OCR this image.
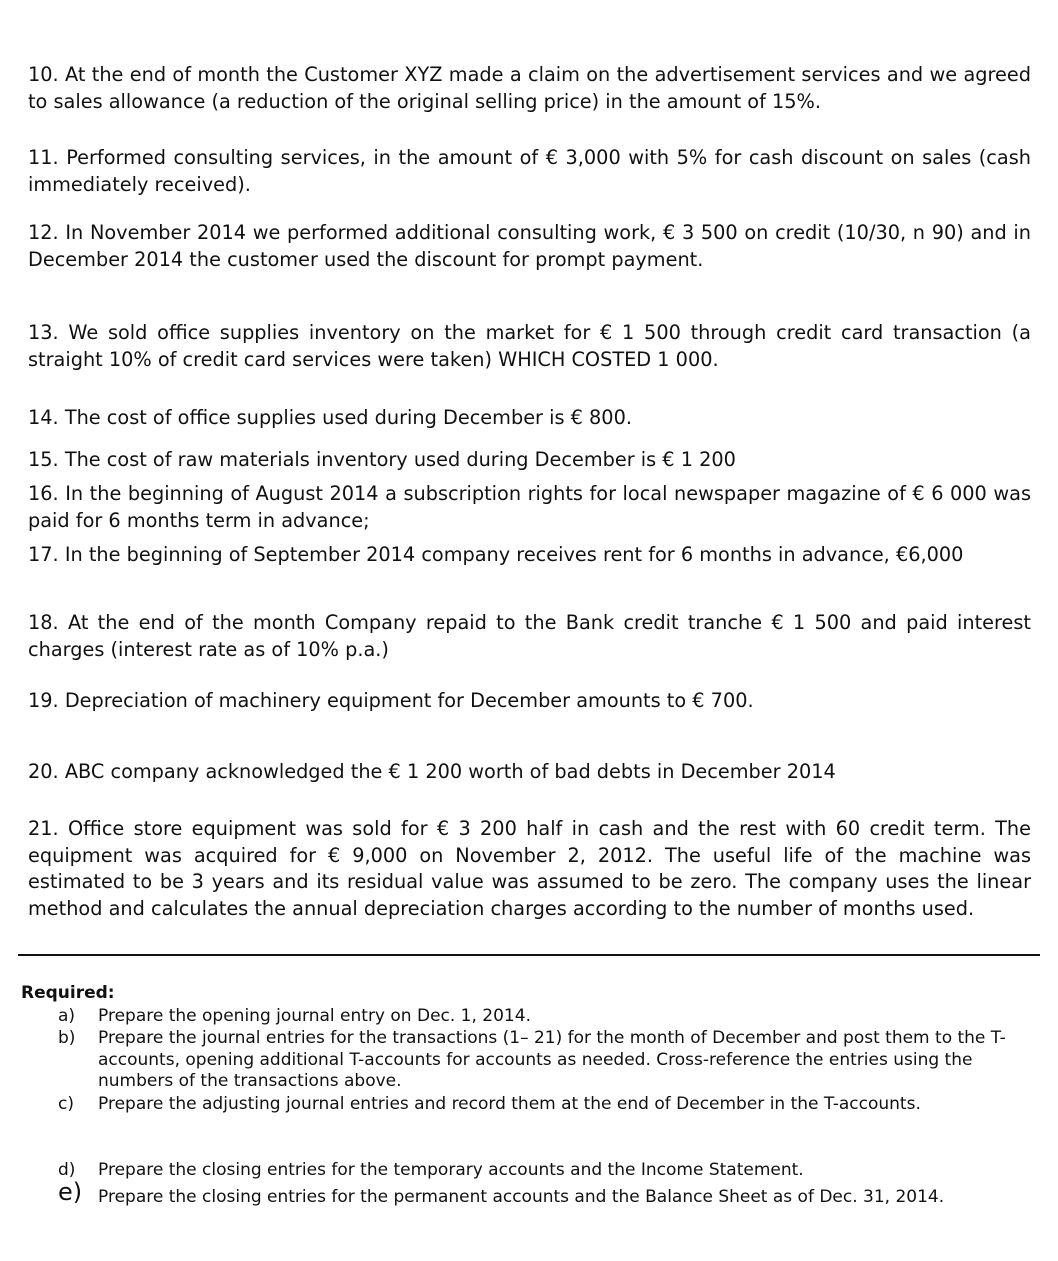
10. At the end of month the Customer XYZ made a claim on the advertisement services and we agreed to sales allowance (a reduction of the original selling price) in the amount of 15%.

11. Performed consulting services, in the amount of € 3,000 with 5% for cash discount on sales (cash immediately received).

12. In November 2014 we performed additional consulting work, € 3 500 on credit (10/30, n 90) and in December 2014 the customer used the discount for prompt payment.

13. We sold office supplies inventory on the market for € 1 500 through credit card transaction (a straight 10% of credit card services were taken) WHICH COSTED 1 000.

14. The cost of office supplies used during December is € 800.

15. The cost of raw materials inventory used during December is € 1 200

16. In the beginning of August 2014 a subscription rights for local newspaper magazine of € 6 000 was paid for 6 months term in advance;

17. In the beginning of September 2014 company receives rent for 6 months in advance, €6,000

18. At the end of the month Company repaid to the Bank credit tranche € 1 500 and paid interest charges (interest rate as of 10% p.a.)

19. Depreciation of machinery equipment for December amounts to € 700.

20. ABC company acknowledged the € 1 200 worth of bad debts in December 2014

21. Office store equipment was sold for € 3 200 half in cash and the rest with 60 credit term. The equipment was acquired for € 9,000 on November 2, 2012. The useful life of the machine was estimated to be 3 years and its residual value was assumed to be zero. The company uses the linear method and calculates the annual depreciation charges according to the number of months used.

Required:
a) Prepare the opening journal entry on Dec. 1, 2014.
b) Prepare the journal entries for the transactions (1– 21) for the month of December and post them to the T-accounts, opening additional T-accounts for accounts as needed. Cross-reference the entries using the numbers of the transactions above.
c) Prepare the adjusting journal entries and record them at the end of December in the T-accounts.
d) Prepare the closing entries for the temporary accounts and the Income Statement.
e) Prepare the closing entries for the permanent accounts and the Balance Sheet as of Dec. 31, 2014.
